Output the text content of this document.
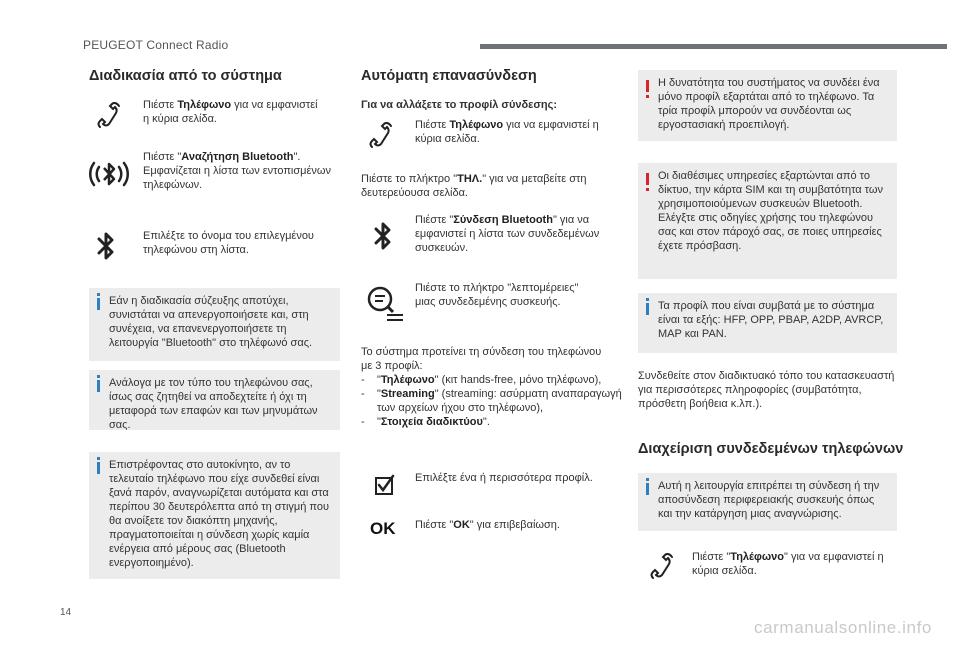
PEUGEOT Connect Radio
Διαδικασία από το σύστημα
Πιέστε Τηλέφωνο για να εμφανιστεί η κύρια σελίδα.
Πιέστε "Αναζήτηση Bluetooth". Εμφανίζεται η λίστα των εντοπισμένων τηλεφώνων.
Επιλέξτε το όνομα του επιλεγμένου τηλεφώνου στη λίστα.
Εάν η διαδικασία σύζευξης αποτύχει, συνιστάται να απενεργοποιήσετε και, στη συνέχεια, να επανενεργοποιήσετε τη λειτουργία "Bluetooth" στο τηλέφωνό σας.
Ανάλογα με τον τύπο του τηλεφώνου σας, ίσως σας ζητηθεί να αποδεχτείτε ή όχι τη μεταφορά των επαφών και των μηνυμάτων σας.
Επιστρέφοντας στο αυτοκίνητο, αν το τελευταίο τηλέφωνο που είχε συνδεθεί είναι ξανά παρόν, αναγνωρίζεται αυτόματα και στα περίπου 30 δευτερόλεπτα από τη στιγμή που θα ανοίξετε τον διακόπτη μηχανής, πραγματοποιείται η σύνδεση χωρίς καμία ενέργεια από μέρους σας (Bluetooth ενεργοποιημένο).
Αυτόματη επανασύνδεση
Για να αλλάξετε το προφίλ σύνδεσης:
Πιέστε Τηλέφωνο για να εμφανιστεί η κύρια σελίδα.
Πιέστε το πλήκτρο "ΤΗΛ." για να μεταβείτε στη δευτερεύουσα σελίδα.
Πιέστε "Σύνδεση Bluetooth" για να εμφανιστεί η λίστα των συνδεδεμένων συσκευών.
Πιέστε το πλήκτρο "λεπτομέρειες" μιας συνδεδεμένης συσκευής.
Το σύστημα προτείνει τη σύνδεση του τηλεφώνου με 3 προφίλ:
-	"Τηλέφωνο" (κιτ hands-free, μόνο τηλέφωνο),
-	"Streaming" (streaming: ασύρματη αναπαραγωγή των αρχείων ήχου στο τηλέφωνο),
-	"Στοιχεία διαδικτύου".
Επιλέξτε ένα ή περισσότερα προφίλ.
OK Πιέστε "OK" για επιβεβαίωση.
Η δυνατότητα του συστήματος να συνδέει ένα μόνο προφίλ εξαρτάται από το τηλέφωνο. Τα τρία προφίλ μπορούν να συνδέονται ως εργοστασιακή προεπιλογή.
Οι διαθέσιμες υπηρεσίες εξαρτώνται από το δίκτυο, την κάρτα SIM και τη συμβατότητα των χρησιμοποιούμενων συσκευών Bluetooth. Ελέγξτε στις οδηγίες χρήσης του τηλεφώνου σας και στον πάροχό σας, σε ποιες υπηρεσίες έχετε πρόσβαση.
Τα προφίλ που είναι συμβατά με το σύστημα είναι τα εξής: HFP, OPP, PBAP, A2DP, AVRCP, MAP και PAN.
Συνδεθείτε στον διαδικτυακό τόπο του κατασκευαστή για περισσότερες πληροφορίες (συμβατότητα, πρόσθετη βοήθεια κ.λπ.).
Διαχείριση συνδεδεμένων τηλεφώνων
Αυτή η λειτουργία επιτρέπει τη σύνδεση ή την αποσύνδεση περιφερειακής συσκευής όπως και την κατάργηση μιας αναγνώρισης.
Πιέστε "Τηλέφωνο" για να εμφανιστεί η κύρια σελίδα.
14
carmanualsonline.info
